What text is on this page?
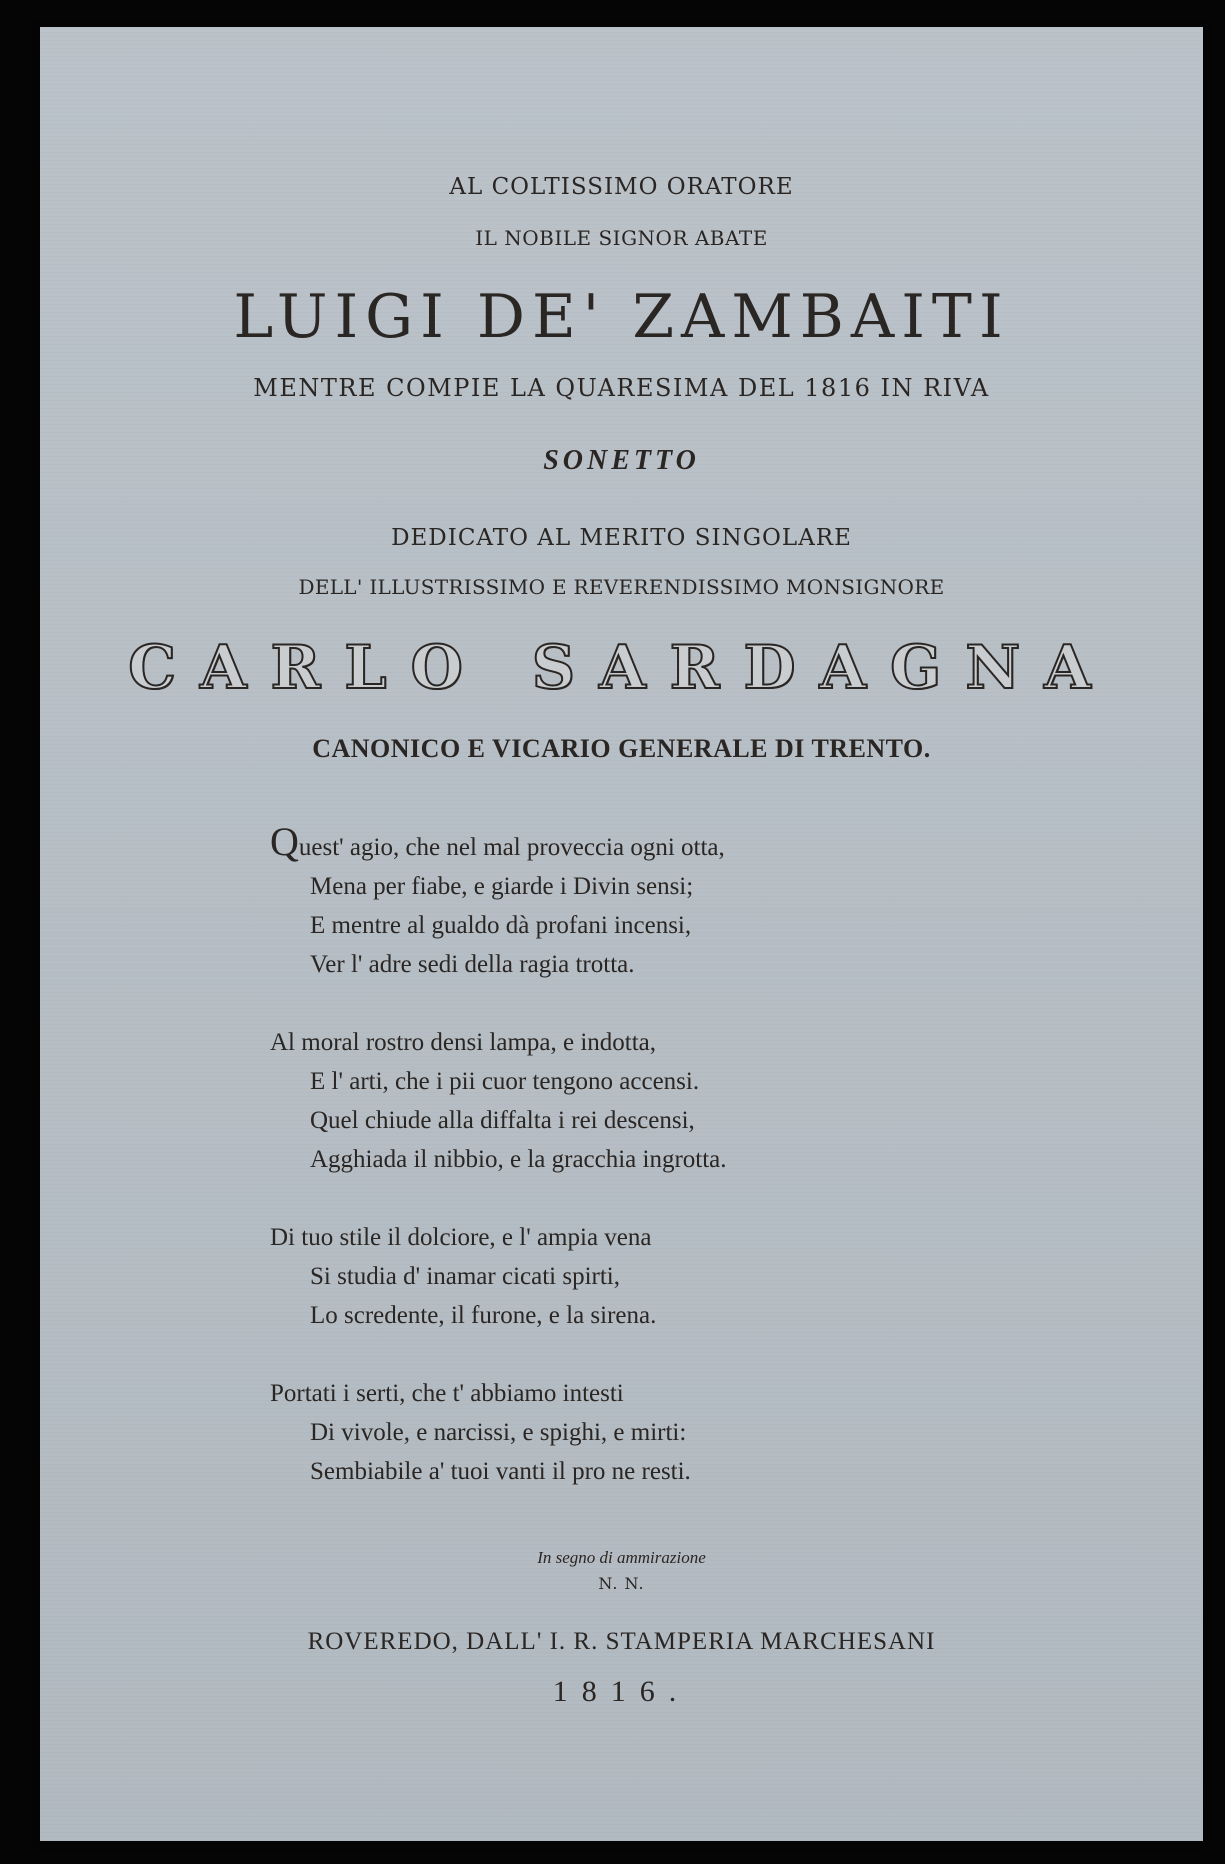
AL COLTISSIMO ORATORE
IL NOBILE SIGNOR ABATE
LUIGI DE' ZAMBAITI
MENTRE COMPIE LA QUARESIMA DEL 1816 IN RIVA
SONETTO
DEDICATO AL MERITO SINGOLARE
DELL' ILLUSTRISSIMO E REVERENDISSIMO MONSIGNORE
CARLO SARDAGNA
CANONICO E VICARIO GENERALE DI TRENTO.
Quest' agio, che nel mal proveccia ogni otta,
Mena per fiabe, e giarde i Divin sensi;
E mentre al gualdo dà profani incensi,
Ver l' adre sedi della ragia trotta.
Al moral rostro densi lampa, e indotta,
E l' arti, che i pii cuor tengono accensi.
Quel chiude alla diffalta i rei descensi,
Agghiada il nibbio, e la gracchia ingrotta.
Di tuo stile il dolciore, e l' ampia vena
Si studia d' inamar cicati spirti,
Lo scredente, il furone, e la sirena.
Portati i serti, che t' abbiamo intesti
Di vivole, e narcissi, e spighi, e mirti:
Sembiabile a' tuoi vanti il pro ne resti.
In segno di ammirazione
N. N.
ROVEREDO, DALL' I. R. STAMPERIA MARCHESANI
1816.
